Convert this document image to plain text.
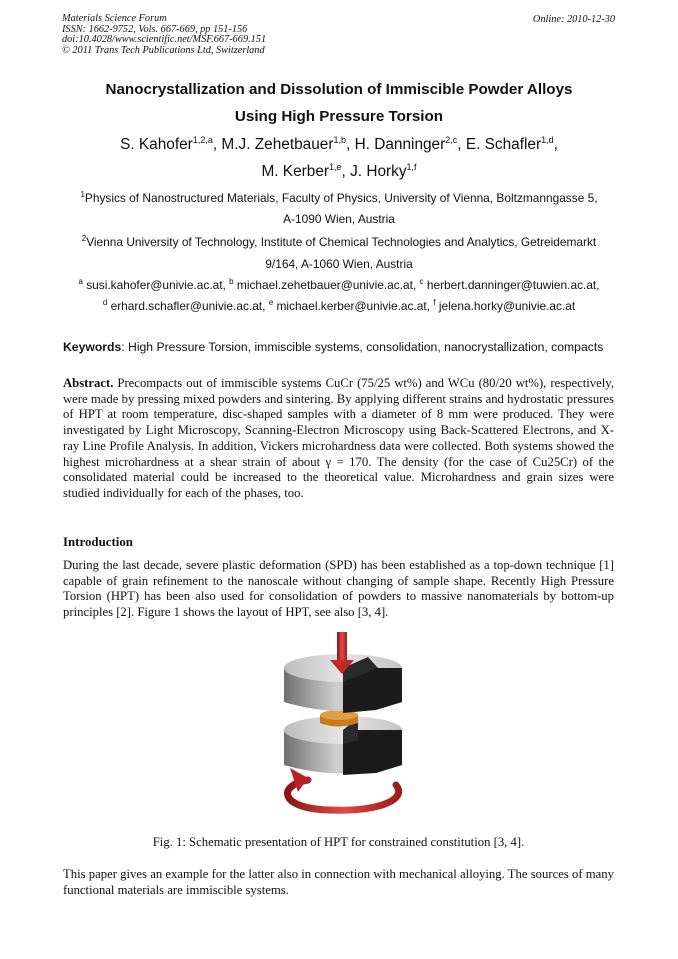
Materials Science Forum
ISSN: 1662-9752, Vols. 667-669, pp 151-156
doi:10.4028/www.scientific.net/MSF.667-669.151
© 2011 Trans Tech Publications Ltd, Switzerland
Online: 2010-12-30
Nanocrystallization and Dissolution of Immiscible Powder Alloys
Using High Pressure Torsion
S. Kahofer$^{1,2,a}$, M.J. Zehetbauer$^{1,b}$, H. Danninger$^{2,c}$, E. Schafler$^{1,d}$,
M. Kerber$^{1,e}$, J. Horky$^{1,f}$
$^1$Physics of Nanostructured Materials, Faculty of Physics, University of Vienna, Boltzmanngasse 5,
A-1090 Wien, Austria
$^2$Vienna University of Technology, Institute of Chemical Technologies and Analytics, Getreidemarkt
9/164, A-1060 Wien, Austria
$^a$ susi.kahofer@univie.ac.at, $^b$ michael.zehetbauer@univie.ac.at, $^c$ herbert.danninger@tuwien.ac.at,
$^d$ erhard.schafler@univie.ac.at, $^e$ michael.kerber@univie.ac.at, $^f$ jelena.horky@univie.ac.at
Keywords: High Pressure Torsion, immiscible systems, consolidation, nanocrystallization, compacts
Abstract. Precompacts out of immiscible systems CuCr (75/25 wt%) and WCu (80/20 wt%), respectively, were made by pressing mixed powders and sintering. By applying different strains and hydrostatic pressures of HPT at room temperature, disc-shaped samples with a diameter of 8 mm were produced. They were investigated by Light Microscopy, Scanning-Electron Microscopy using Back-Scattered Electrons, and X-ray Line Profile Analysis. In addition, Vickers microhardness data were collected. Both systems showed the highest microhardness at a shear strain of about γ = 170. The density (for the case of Cu25Cr) of the consolidated material could be increased to the theoretical value. Microhardness and grain sizes were studied individually for each of the phases, too.
Introduction
During the last decade, severe plastic deformation (SPD) has been established as a top-down technique [1] capable of grain refinement to the nanoscale without changing of sample shape. Recently High Pressure Torsion (HPT) has been also used for consolidation of powders to massive nanomaterials by bottom-up principles [2]. Figure 1 shows the layout of HPT, see also [3, 4].
Fig. 1: Schematic presentation of HPT for constrained constitution [3, 4].
This paper gives an example for the latter also in connection with mechanical alloying. The sources of many functional materials are immiscible systems.
